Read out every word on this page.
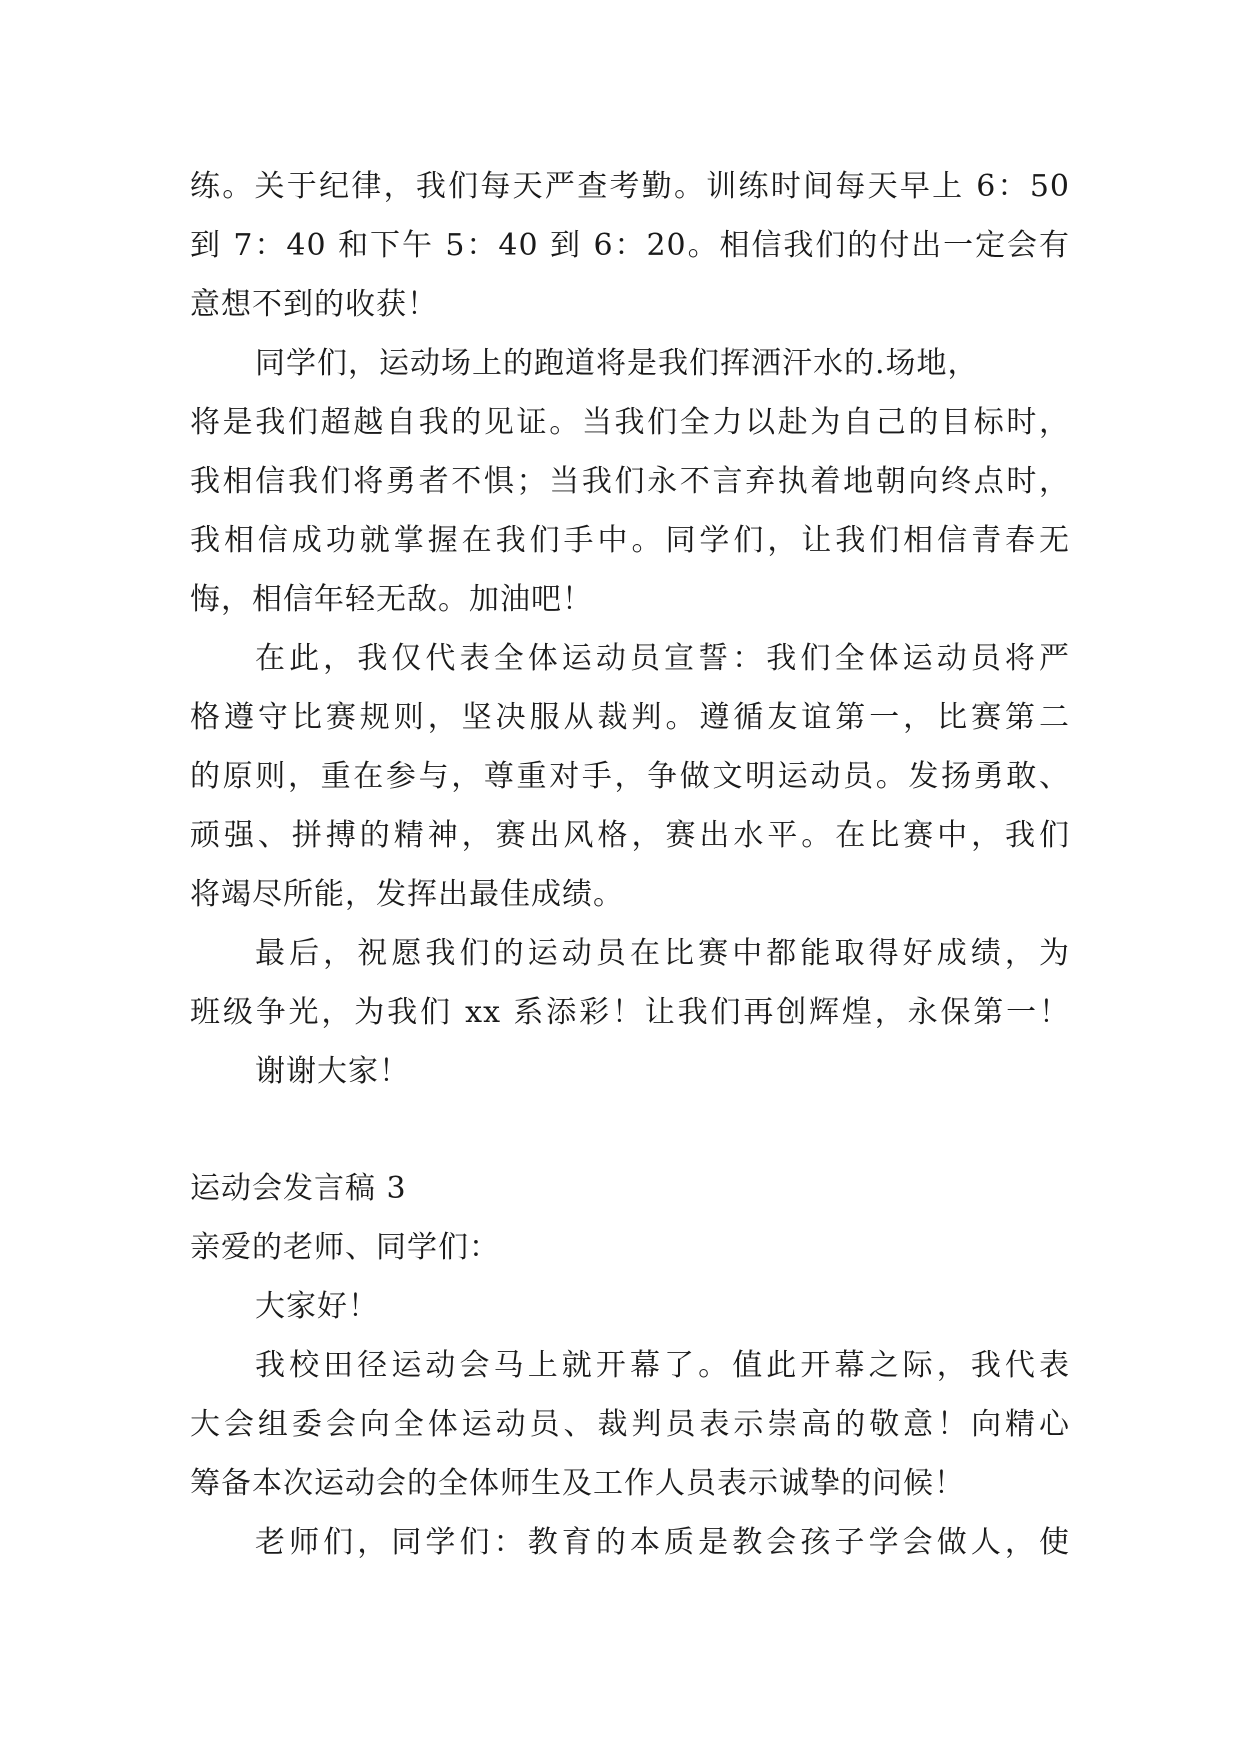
练。关于纪律，我们每天严查考勤。训练时间每天早上 6：50
到 7：40 和下午 5：40 到 6：20。相信我们的付出一定会有
意想不到的收获！
同学们，运动场上的跑道将是我们挥洒汗水的.场地，
将是我们超越自我的见证。当我们全力以赴为自己的目标时，
我相信我们将勇者不惧；当我们永不言弃执着地朝向终点时，
我相信成功就掌握在我们手中。同学们，让我们相信青春无
悔，相信年轻无敌。加油吧！
在此，我仅代表全体运动员宣誓：我们全体运动员将严
格遵守比赛规则，坚决服从裁判。遵循友谊第一，比赛第二
的原则，重在参与，尊重对手，争做文明运动员。发扬勇敢、
顽强、拼搏的精神，赛出风格，赛出水平。在比赛中，我们
将竭尽所能，发挥出最佳成绩。
最后，祝愿我们的运动员在比赛中都能取得好成绩，为
班级争光，为我们 xx 系添彩！让我们再创辉煌，永保第一！
谢谢大家！
运动会发言稿 3
亲爱的老师、同学们：
大家好！
我校田径运动会马上就开幕了。值此开幕之际，我代表
大会组委会向全体运动员、裁判员表示崇高的敬意！向精心
筹备本次运动会的全体师生及工作人员表示诚挚的问候！
老师们，同学们：教育的本质是教会孩子学会做人，使
